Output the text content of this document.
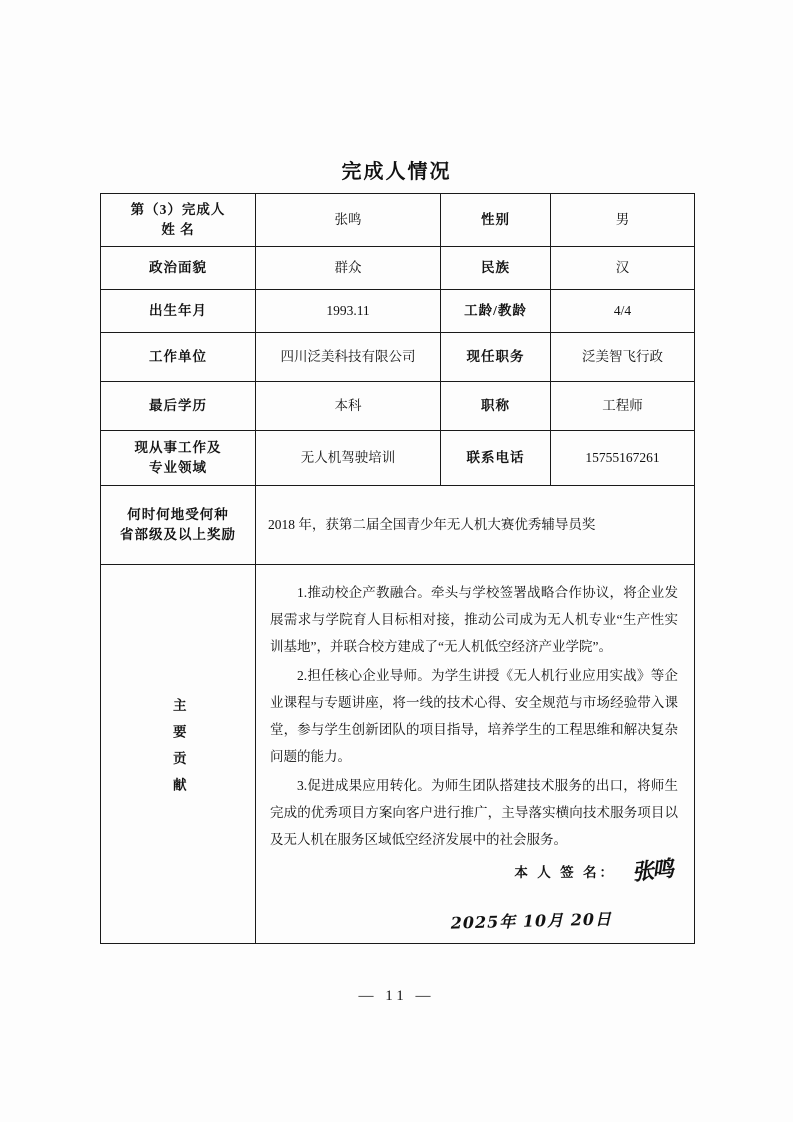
完成人情况
第（3）完成人
姓 名	张鸣	性别	男
政治面貌	群众	民族	汉
出生年月	1993.11	工龄/教龄	4/4
工作单位	四川泛美科技有限公司	现任职务	泛美智飞行政
最后学历	本科	职称	工程师

现从事工作及
专业领域	无人机驾驶培训	联系电话	15755167261

何时何地受何种
省部级及以上奖励	2018 年，获第二届全国青少年无人机大赛优秀辅导员奖		
主要贡献	

1.推动校企产教融合。牵头与学校签署战略合作协议，将企业发展需求与学院育人目标相对接，推动公司成为无人机专业“生产性实训基地”，并联合校方建成了“无人机低空经济产业学院”。

2.担任核心企业导师。为学生讲授《无人机行业应用实战》等企业课程与专题讲座，将一线的技术心得、安全规范与市场经验带入课堂，参与学生创新团队的项目指导，培养学生的工程思维和解决复杂问题的能力。

3.促进成果应用转化。为师生团队搭建技术服务的出口，将师生完成的优秀项目方案向客户进行推广，主导落实横向技术服务项目以及无人机在服务区域低空经济发展中的社会服务。

本 人 签 名： 张鸣
2025年 10月 20日
— 11 —
